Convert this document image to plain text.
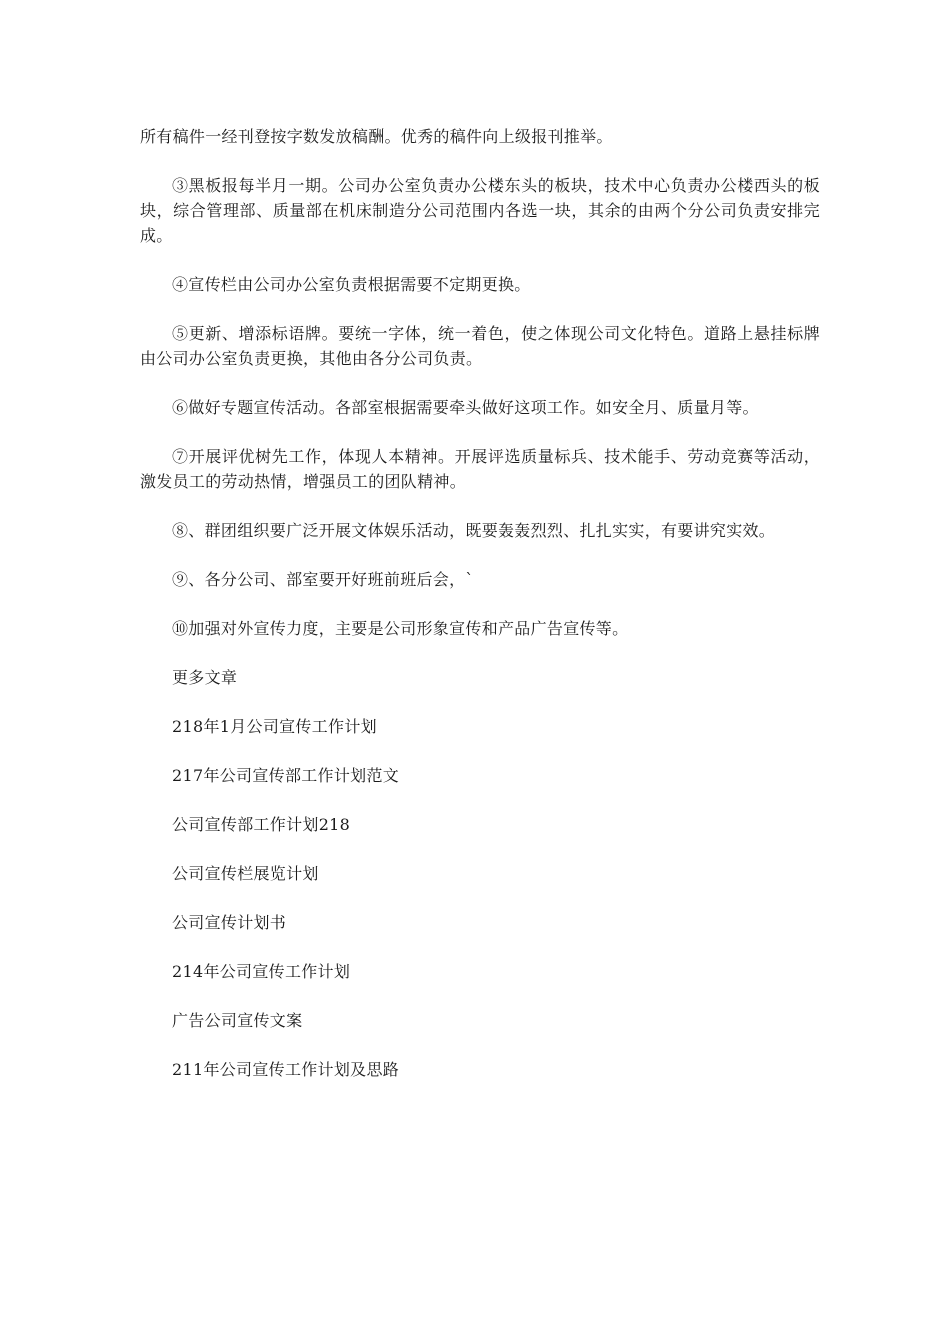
所有稿件一经刊登按字数发放稿酬。优秀的稿件向上级报刊推举。

③黑板报每半月一期。公司办公室负责办公楼东头的板块，技术中心负责办公楼西头的板块，综合管理部、质量部在机床制造分公司范围内各选一块，其余的由两个分公司负责安排完成。

④宣传栏由公司办公室负责根据需要不定期更换。

⑤更新、增添标语牌。要统一字体，统一着色，使之体现公司文化特色。道路上悬挂标牌由公司办公室负责更换，其他由各分公司负责。

⑥做好专题宣传活动。各部室根据需要牵头做好这项工作。如安全月、质量月等。

⑦开展评优树先工作，体现人本精神。开展评选质量标兵、技术能手、劳动竞赛等活动，激发员工的劳动热情，增强员工的团队精神。

⑧、群团组织要广泛开展文体娱乐活动，既要轰轰烈烈、扎扎实实，有要讲究实效。

⑨、各分公司、部室要开好班前班后会，`

⑩加强对外宣传力度，主要是公司形象宣传和产品广告宣传等。

更多文章
218年1月公司宣传工作计划
217年公司宣传部工作计划范文
公司宣传部工作计划218
公司宣传栏展览计划
公司宣传计划书
214年公司宣传工作计划
广告公司宣传文案
211年公司宣传工作计划及思路
